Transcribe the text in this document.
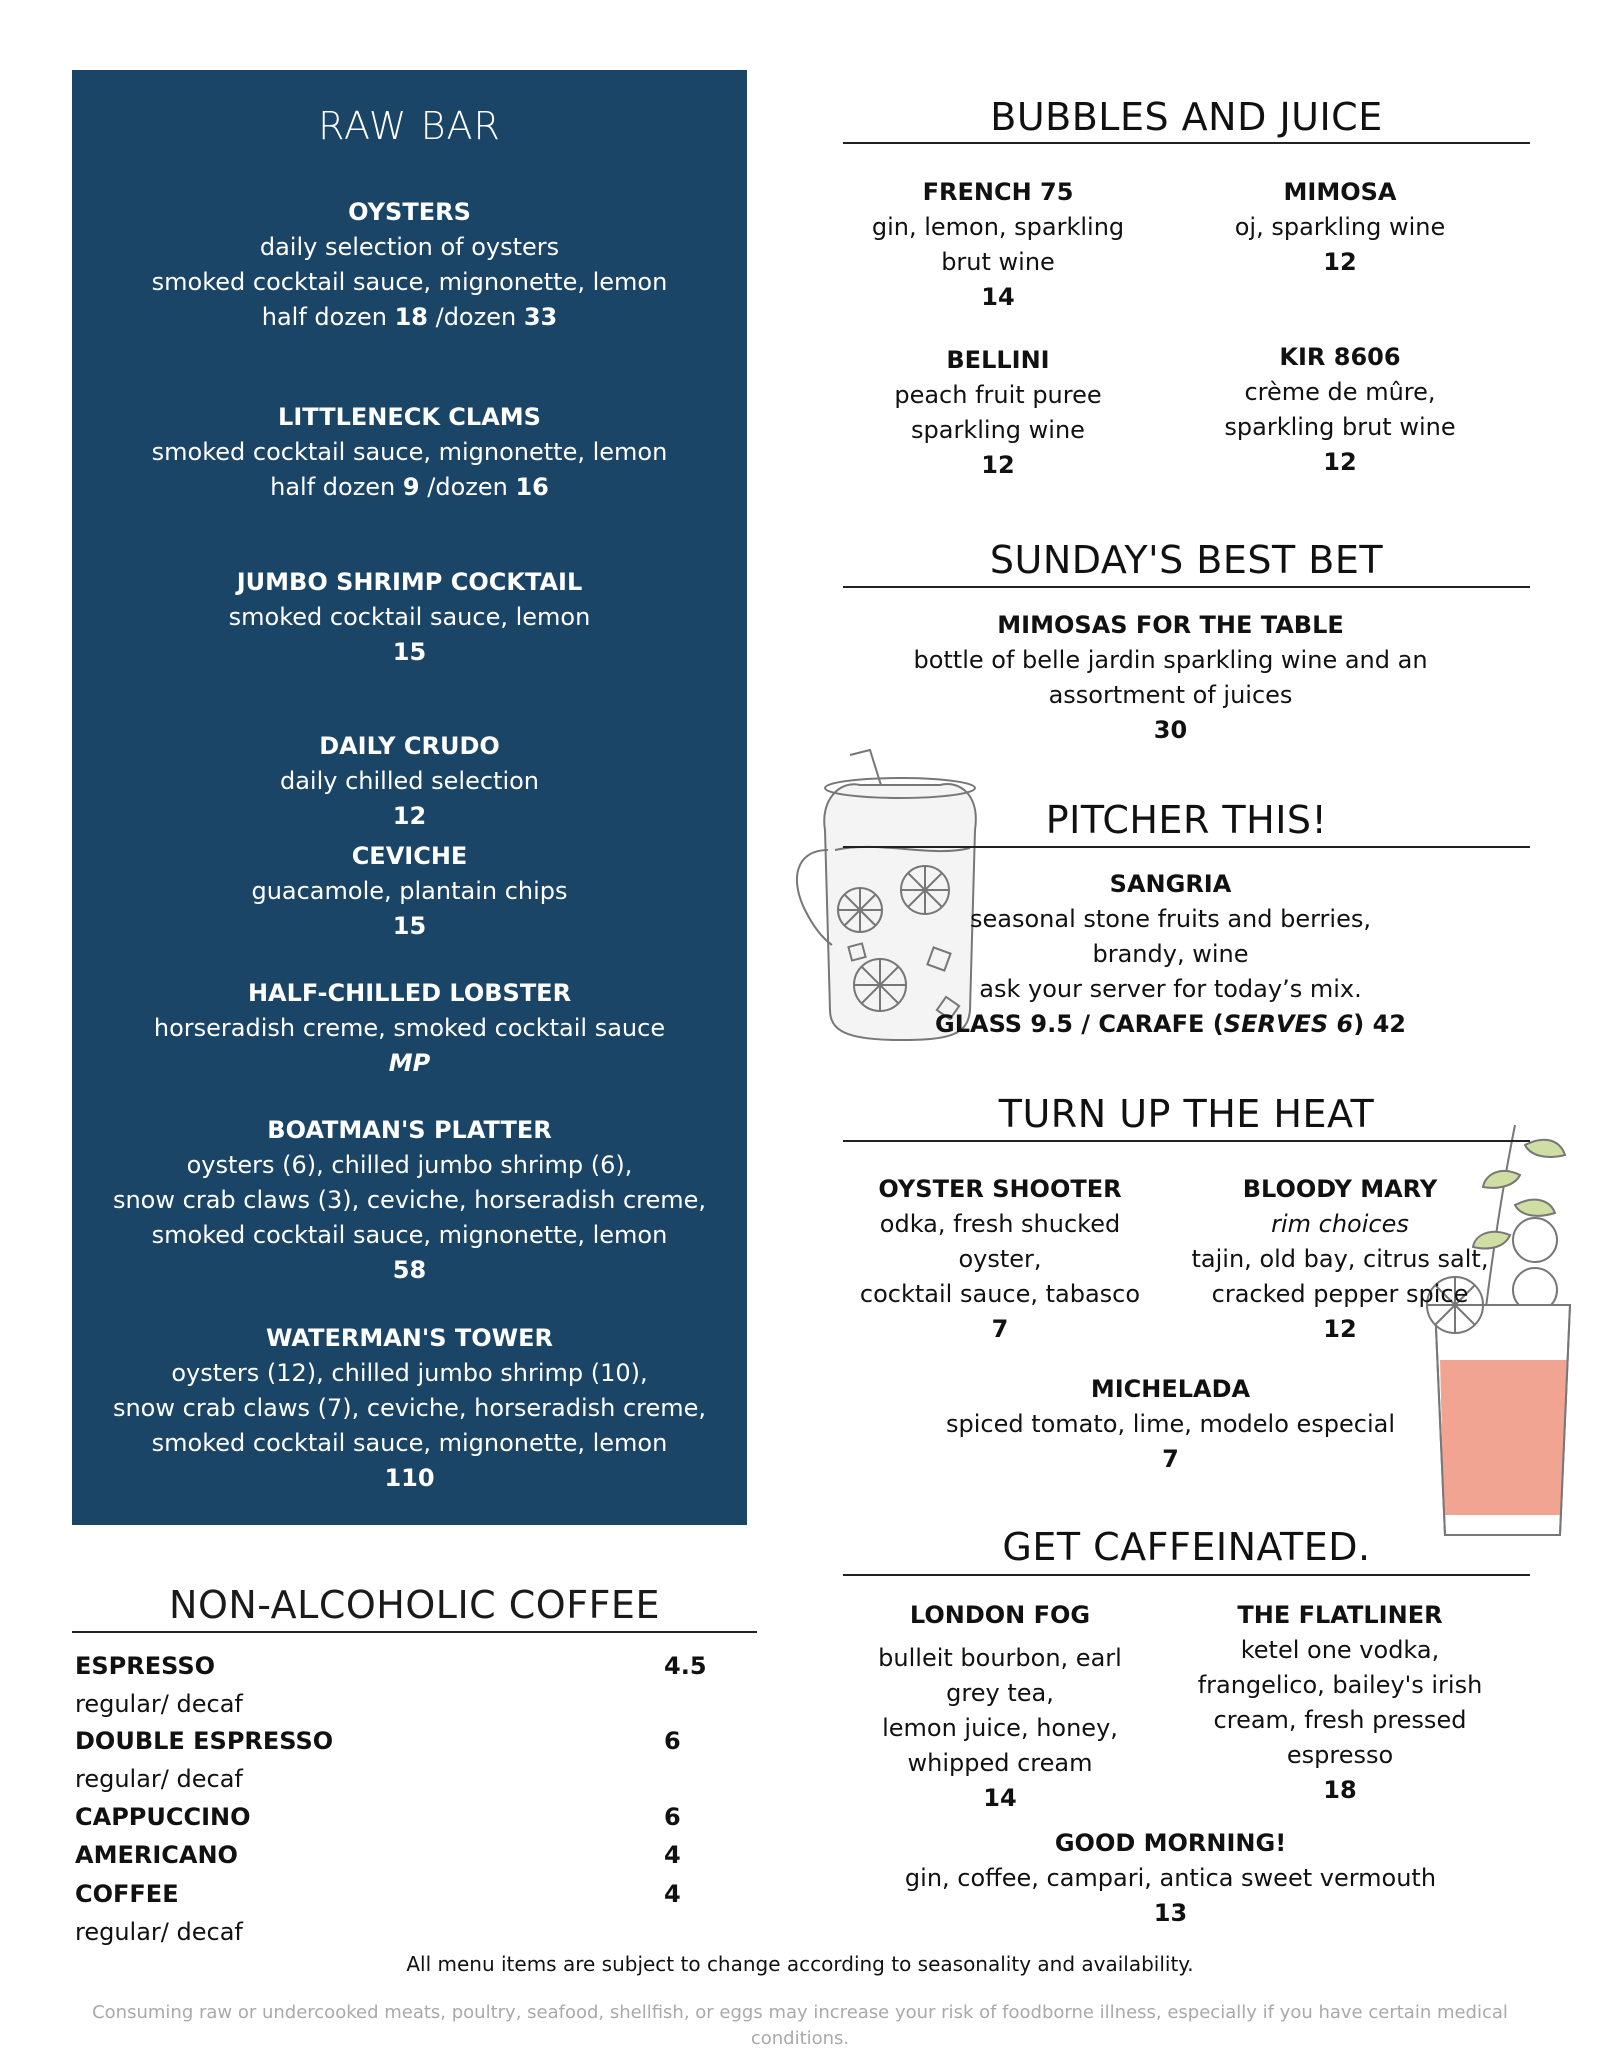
RAW BAR
OYSTERS
daily selection of oysters
smoked cocktail sauce, mignonette, lemon
half dozen 18 /dozen 33
LITTLENECK CLAMS
smoked cocktail sauce, mignonette, lemon
half dozen 9 /dozen 16
JUMBO SHRIMP COCKTAIL
smoked cocktail sauce, lemon
15
DAILY CRUDO
daily chilled selection
12
CEVICHE
guacamole, plantain chips
15
HALF-CHILLED LOBSTER
horseradish creme, smoked cocktail sauce
MP
BOATMAN'S PLATTER
oysters (6), chilled jumbo shrimp (6),
snow crab claws (3), ceviche, horseradish creme,
smoked cocktail sauce, mignonette, lemon
58
WATERMAN'S TOWER
oysters (12), chilled jumbo shrimp (10),
snow crab claws (7), ceviche, horseradish creme,
smoked cocktail sauce, mignonette, lemon
110
NON-ALCOHOLIC COFFEE
ESPRESSO	4.5
regular/ decaf
DOUBLE ESPRESSO	6
regular/ decaf
CAPPUCCINO	6
AMERICANO	4
COFFEE	4
regular/ decaf
BUBBLES AND JUICE
FRENCH 75
gin, lemon, sparkling
brut wine
14
MIMOSA
oj, sparkling wine
12
BELLINI
peach fruit puree
sparkling wine
12
KIR 8606
crème de mûre,
sparkling brut wine
12
SUNDAY'S BEST BET
MIMOSAS FOR THE TABLE
bottle of belle jardin sparkling wine and an
assortment of juices
30
PITCHER THIS!
SANGRIA
seasonal stone fruits and berries,
brandy, wine
ask your server for today’s mix.
GLASS 9.5 / CARAFE (SERVES 6) 42
TURN UP THE HEAT
OYSTER SHOOTER
odka, fresh shucked oyster,
cocktail sauce, tabasco
7
BLOODY MARY
rim choices
tajin, old bay, citrus salt,
cracked pepper spice
12
MICHELADA
spiced tomato, lime, modelo especial
7
GET CAFFEINATED.
LONDON FOG
bulleit bourbon, earl
grey tea,
lemon juice, honey,
whipped cream
14
THE FLATLINER
ketel one vodka,
frangelico, bailey's irish
cream, fresh pressed
espresso
18
GOOD MORNING!
gin, coffee, campari, antica sweet vermouth
13
All menu items are subject to change according to seasonality and availability.
Consuming raw or undercooked meats, poultry, seafood, shellfish, or eggs may increase your risk of foodborne illness, especially if you have certain medical conditions.
